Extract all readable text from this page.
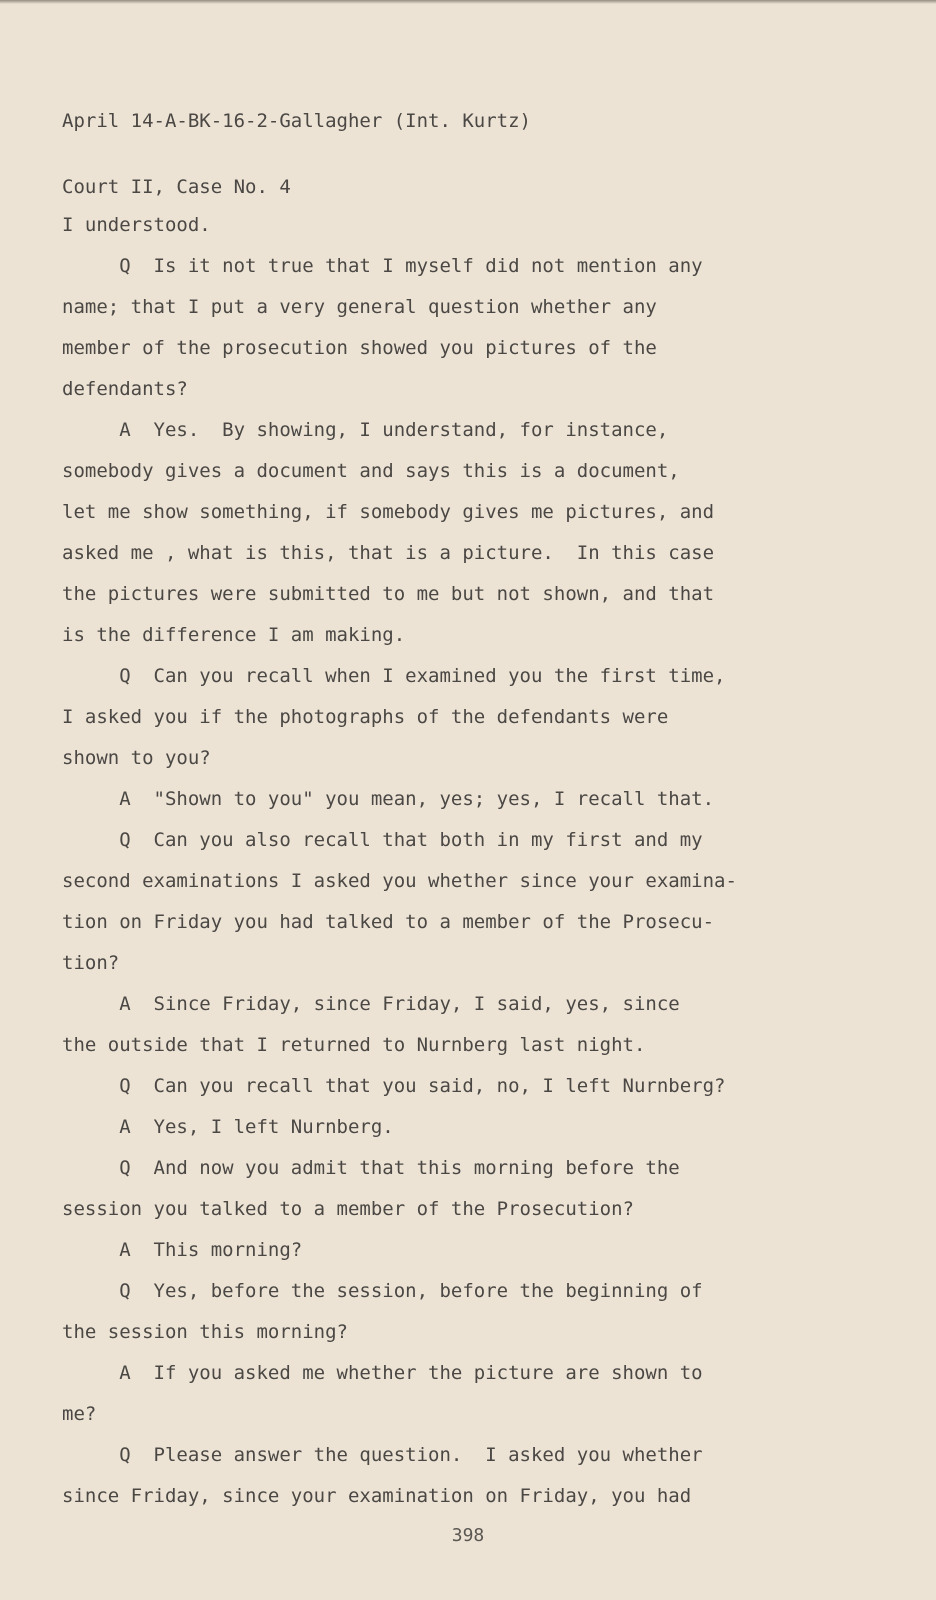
April 14-A-BK-16-2-Gallagher (Int. Kurtz)

Court II, Case No. 4

I understood.
Q  Is it not true that I myself did not mention any
name; that I put a very general question whether any
member of the prosecution showed you pictures of the
defendants?
A  Yes.  By showing, I understand, for instance,
somebody gives a document and says this is a document,
let me show something, if somebody gives me pictures, and
asked me , what is this, that is a picture.  In this case
the pictures were submitted to me but not shown, and that
is the difference I am making.
Q  Can you recall when I examined you the first time,
I asked you if the photographs of the defendants were
shown to you?
A  "Shown to you" you mean, yes; yes, I recall that.
Q  Can you also recall that both in my first and my
second examinations I asked you whether since your examina-
tion on Friday you had talked to a member of the Prosecu-
tion?
A  Since Friday, since Friday, I said, yes, since
the outside that I returned to Nurnberg last night.
Q  Can you recall that you said, no, I left Nurnberg?
A  Yes, I left Nurnberg.
Q  And now you admit that this morning before the
session you talked to a member of the Prosecution?
A  This morning?
Q  Yes, before the session, before the beginning of
the session this morning?
A  If you asked me whether the picture are shown to
me?
Q  Please answer the question.  I asked you whether
since Friday, since your examination on Friday, you had
398
